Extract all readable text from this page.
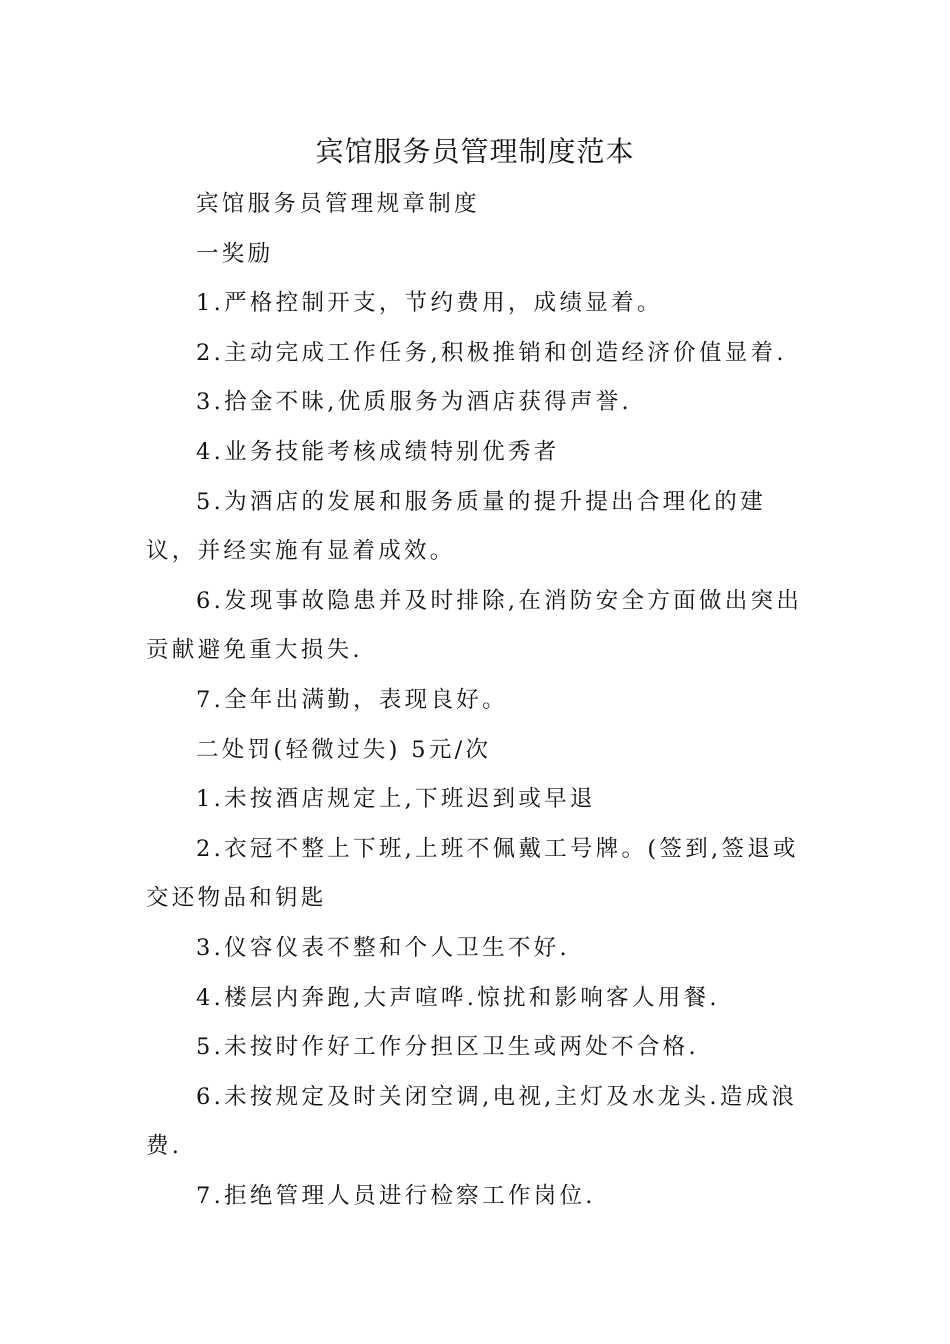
宾馆服务员管理制度范本

宾馆服务员管理规章制度

一奖励

1.严格控制开支，节约费用，成绩显着。

2.主动完成工作任务,积极推销和创造经济价值显着.

3.拾金不昧,优质服务为酒店获得声誉.

4.业务技能考核成绩特别优秀者

5.为酒店的发展和服务质量的提升提出合理化的建议，并经实施有显着成效。

6.发现事故隐患并及时排除,在消防安全方面做出突出贡献避免重大损失.

7.全年出满勤，表现良好。

二处罚(轻微过失) 5元/次

1.未按酒店规定上,下班迟到或早退

2.衣冠不整上下班,上班不佩戴工号牌。(签到,签退或交还物品和钥匙

3.仪容仪表不整和个人卫生不好.

4.楼层内奔跑,大声喧哗.惊扰和影响客人用餐.

5.未按时作好工作分担区卫生或两处不合格.

6.未按规定及时关闭空调,电视,主灯及水龙头.造成浪费.

7.拒绝管理人员进行检察工作岗位.
